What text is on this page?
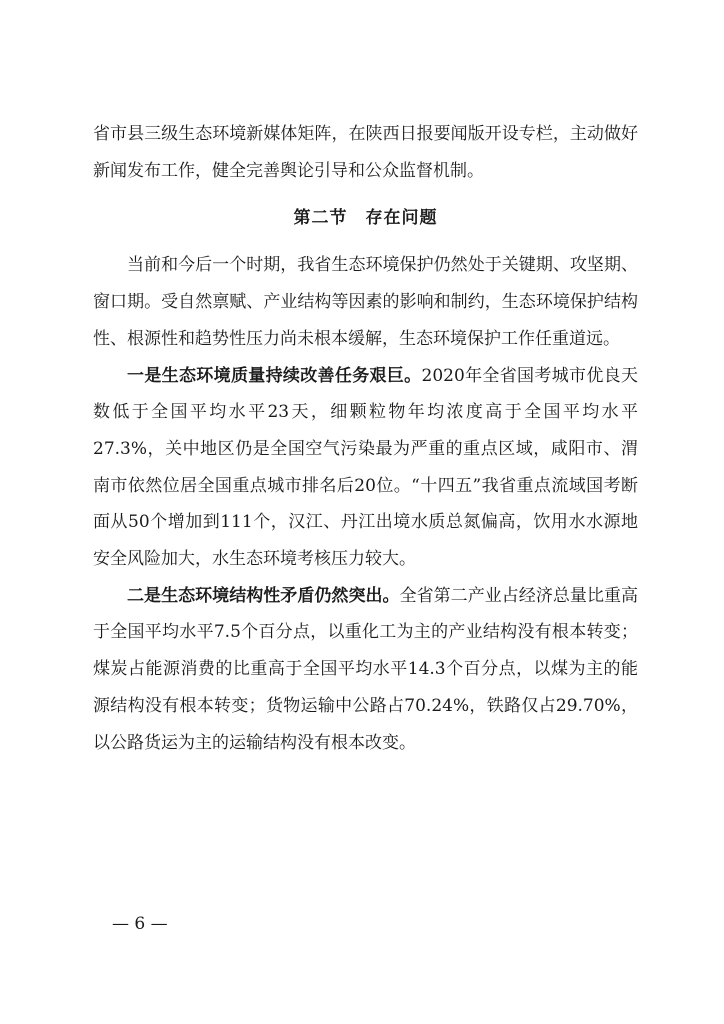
省市县三级生态环境新媒体矩阵，在陕西日报要闻版开设专栏，主动做好新闻发布工作，健全完善舆论引导和公众监督机制。

第二节　存在问题

当前和今后一个时期，我省生态环境保护仍然处于关键期、攻坚期、窗口期。受自然禀赋、产业结构等因素的影响和制约，生态环境保护结构性、根源性和趋势性压力尚未根本缓解，生态环境保护工作任重道远。

一是生态环境质量持续改善任务艰巨。2020年全省国考城市优良天数低于全国平均水平23天，细颗粒物年均浓度高于全国平均水平27.3%，关中地区仍是全国空气污染最为严重的重点区域，咸阳市、渭南市依然位居全国重点城市排名后20位。“十四五”我省重点流域国考断面从50个增加到111个，汉江、丹江出境水质总氮偏高，饮用水水源地安全风险加大，水生态环境考核压力较大。

二是生态环境结构性矛盾仍然突出。全省第二产业占经济总量比重高于全国平均水平7.5个百分点，以重化工为主的产业结构没有根本转变；煤炭占能源消费的比重高于全国平均水平14.3个百分点，以煤为主的能源结构没有根本转变；货物运输中公路占70.24%，铁路仅占29.70%，以公路货运为主的运输结构没有根本改变。

— 6 —
